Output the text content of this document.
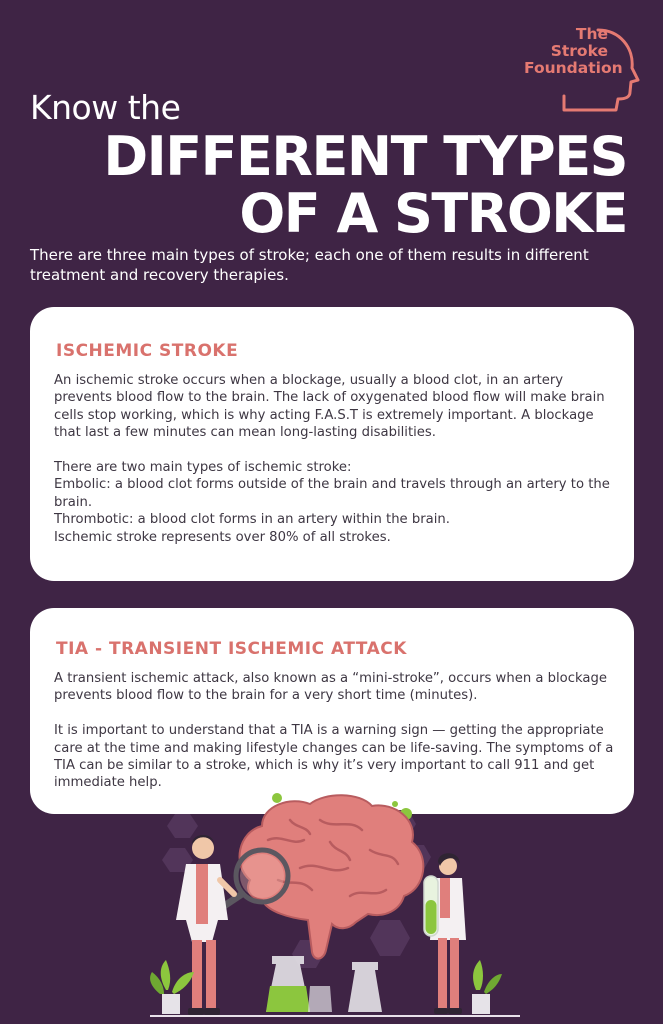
The
Stroke
Foundation
Know the
DIFFERENT TYPES
OF A STROKE
There are three main types of stroke; each one of them results in different treatment and recovery therapies.
ISCHEMIC STROKE

An ischemic stroke occurs when a blockage, usually a blood clot, in an artery prevents blood flow to the brain. The lack of oxygenated blood flow will make brain cells stop working, which is why acting F.A.S.T is extremely important. A blockage that last a few minutes can mean long-lasting disabilities.

There are two main types of ischemic stroke:

Embolic: a blood clot forms outside of the brain and travels through an artery to the brain.

Thrombotic: a blood clot forms in an artery within the brain.

Ischemic stroke represents over 80% of all strokes.

TIA - TRANSIENT ISCHEMIC ATTACK

A transient ischemic attack, also known as a “mini-stroke”, occurs when a blockage prevents blood flow to the brain for a very short time (minutes).

It is important to understand that a TIA is a warning sign — getting the appropriate care at the time and making lifestyle changes can be life-saving. The symptoms of a TIA can be similar to a stroke, which is why it’s very important to call 911 and get immediate help.
